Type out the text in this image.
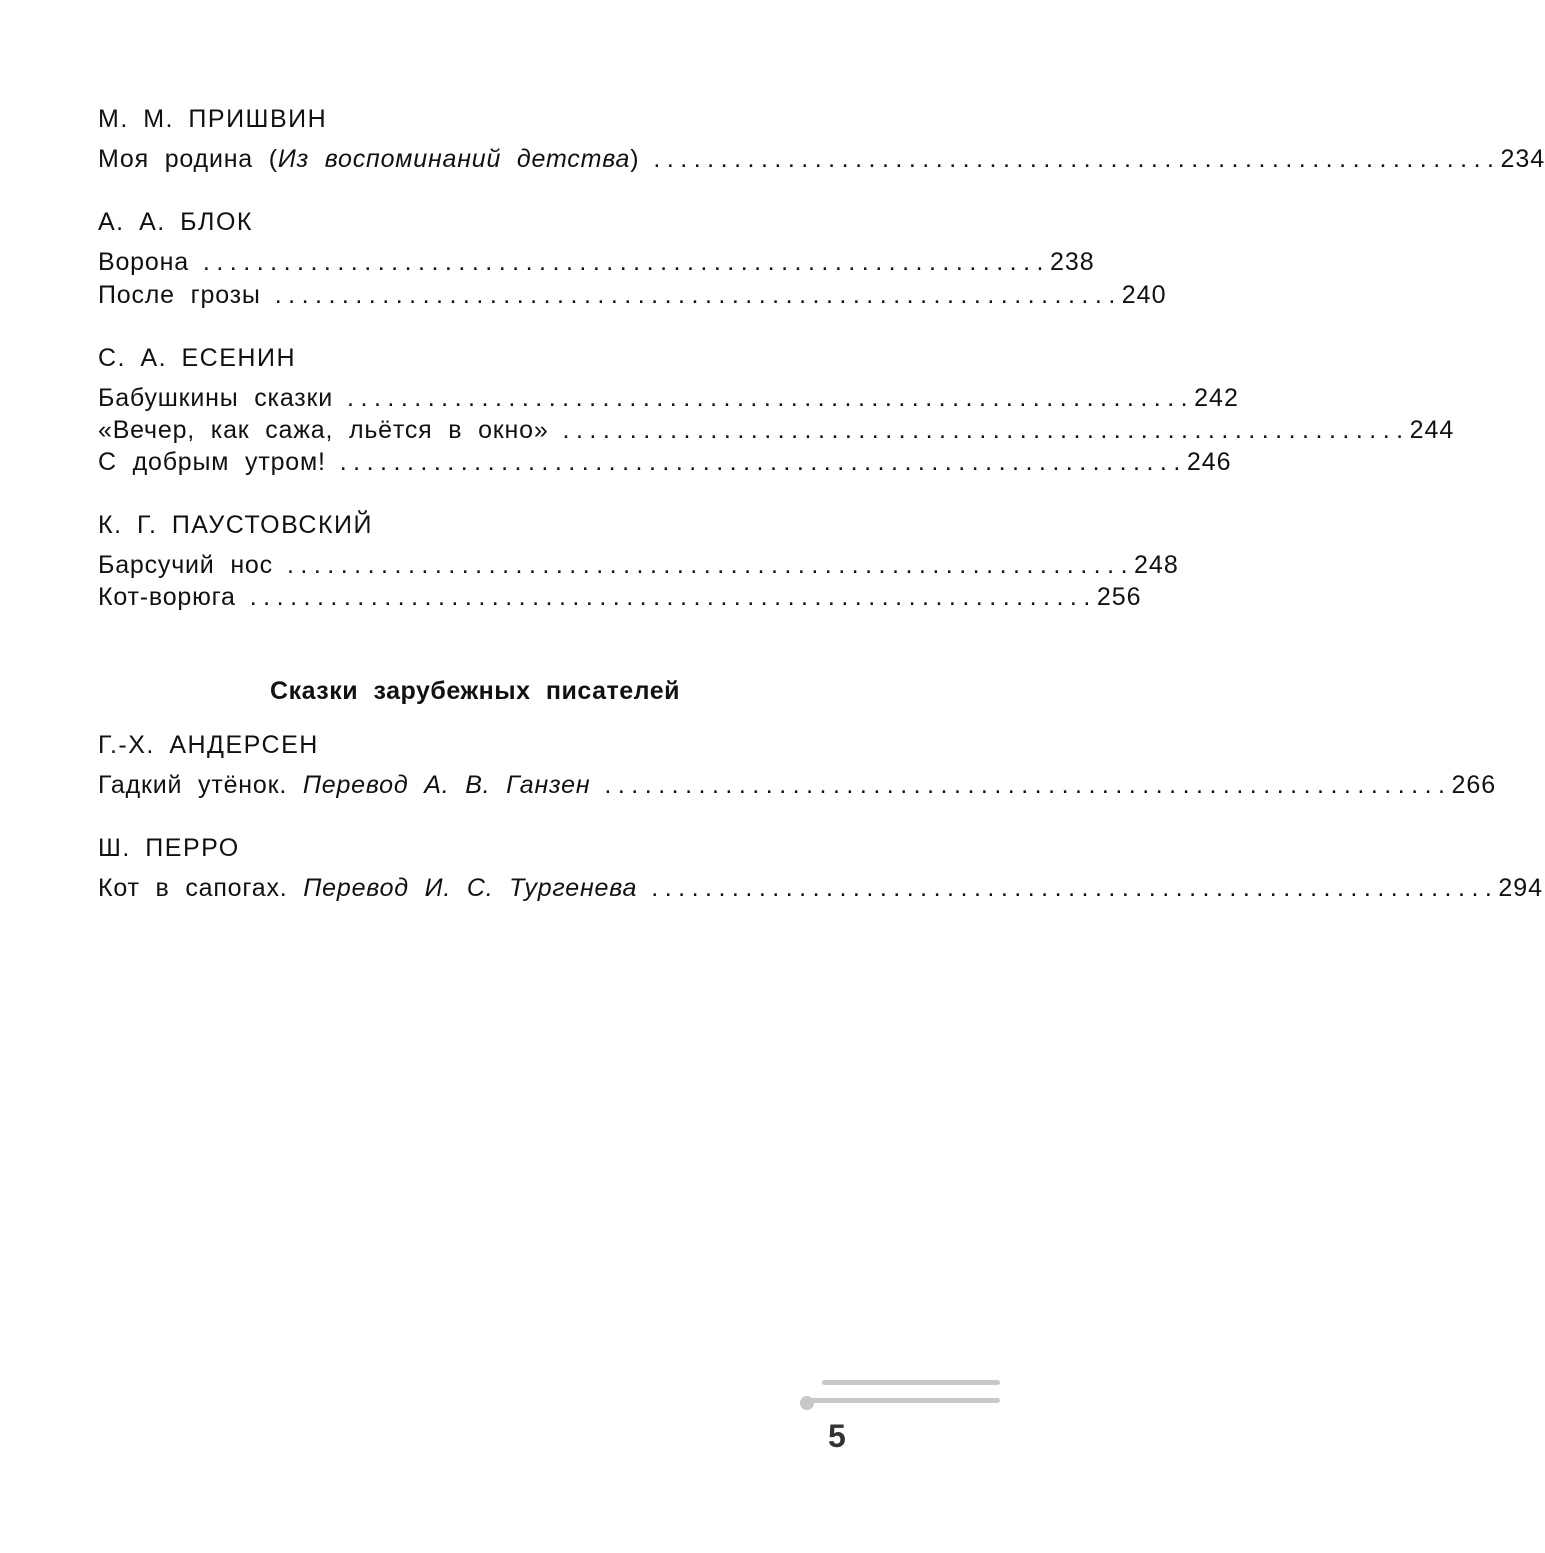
М. М. ПРИШВИН
Моя родина (Из воспоминаний детства) ............................................................... 234
А. А. БЛОК
Ворона ............................................................... 238
После грозы ............................................................... 240
С. А. ЕСЕНИН
Бабушкины сказки ............................................................... 242
«Вечер, как сажа, льётся в окно» ............................................................... 244
С добрым утром! ............................................................... 246
К. Г. ПАУСТОВСКИЙ
Барсучий нос ............................................................... 248
Кот-ворюга ............................................................... 256
Сказки зарубежных писателей
Г.-Х. АНДЕРСЕН
Гадкий утёнок. Перевод А. В. Ганзен ............................................................... 266
Ш. ПЕРРО
Кот в сапогах. Перевод И. С. Тургенева ............................................................... 294
5
